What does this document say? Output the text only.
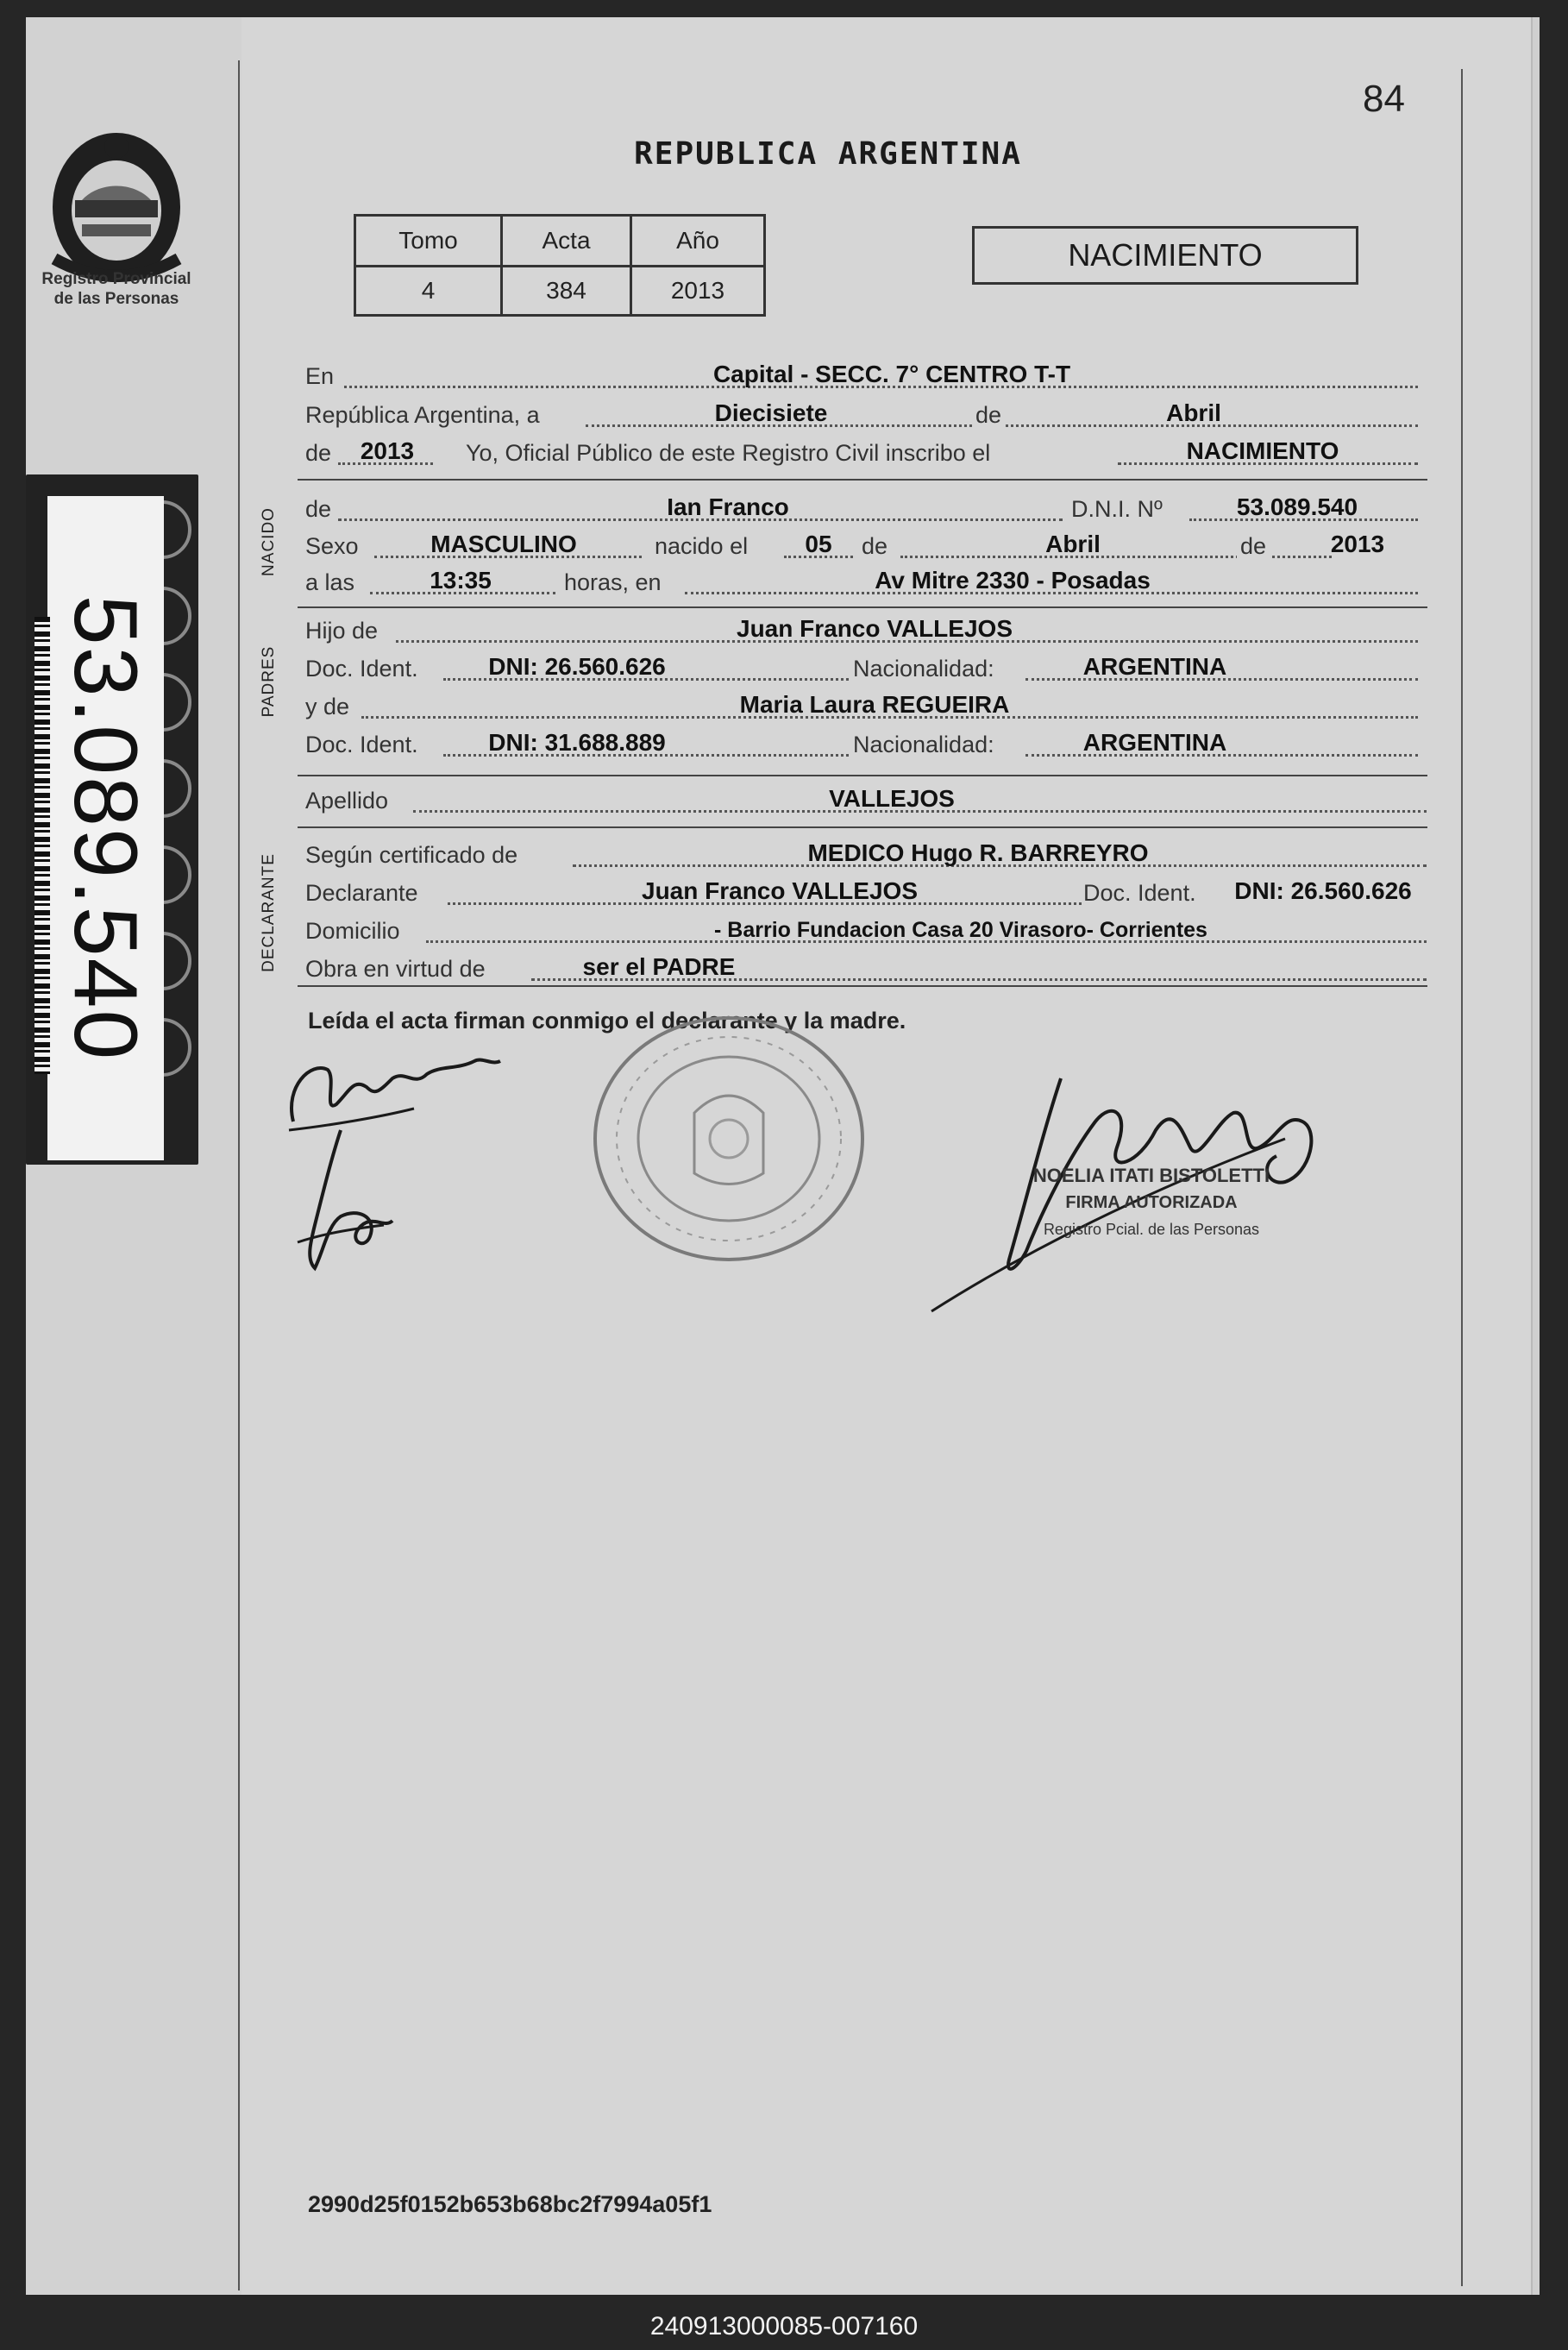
Registro Provincial
de las Personas
53.089.540
84
REPUBLICA ARGENTINA
Tomo	Acta	Año
4	384	2013
NACIMIENTO
NACIDO
PADRES
DECLARANTE
En	Capital - SECC. 7° CENTRO T-T
República Argentina, a	Diecisiete	de	Abril
de	2013	Yo, Oficial Público de este Registro Civil inscribo el	NACIMIENTO
de	Ian Franco	D.N.I. Nº	53.089.540
Sexo	MASCULINO	nacido el	05	de	Abril	de	2013
a las	13:35	horas, en	Av Mitre 2330 - Posadas
Hijo de	Juan Franco VALLEJOS
Doc. Ident.	DNI: 26.560.626	Nacionalidad:	ARGENTINA
y de	Maria Laura REGUEIRA
Doc. Ident.	DNI: 31.688.889	Nacionalidad:	ARGENTINA
Apellido	VALLEJOS
Según certificado de	MEDICO Hugo R. BARREYRO
Declarante	Juan Franco VALLEJOS	Doc. Ident.	DNI: 26.560.626
Domicilio	- Barrio Fundacion Casa 20 Virasoro- Corrientes
Obra en virtud de	ser el PADRE
Leída el acta firman conmigo el declarante y la madre.
NOELIA ITATI BISTOLETTI
FIRMA AUTORIZADA
Registro Pcial. de las Personas
2990d25f0152b653b68bc2f7994a05f1
240913000085-007160
